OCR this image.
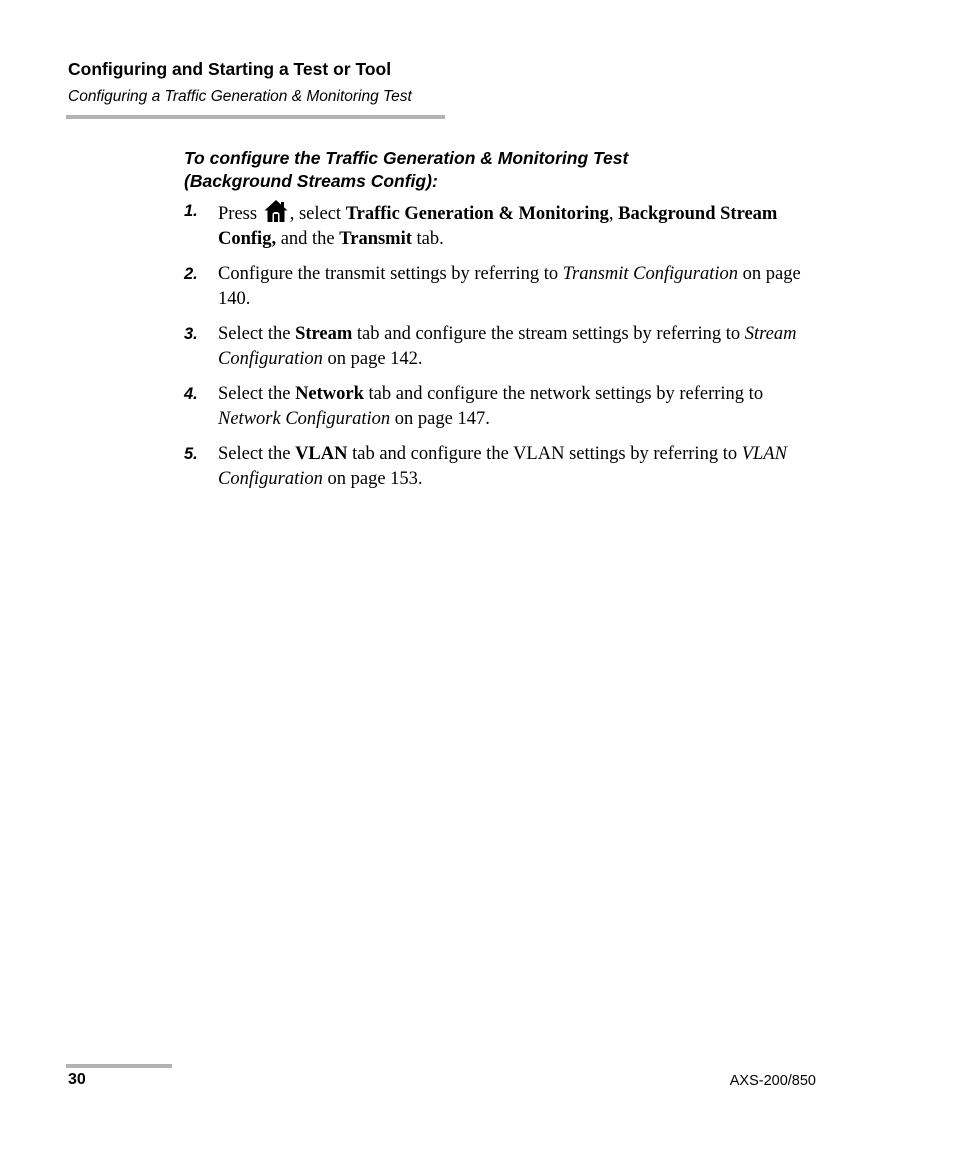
Configuring and Starting a Test or Tool
Configuring a Traffic Generation & Monitoring Test
To configure the Traffic Generation & Monitoring Test
(Background Streams Config):
1. Press , select Traffic Generation & Monitoring, Background Stream Config, and the Transmit tab.
2. Configure the transmit settings by referring to Transmit Configuration on page 140.
3. Select the Stream tab and configure the stream settings by referring to Stream Configuration on page 142.
4. Select the Network tab and configure the network settings by referring to Network Configuration on page 147.
5. Select the VLAN tab and configure the VLAN settings by referring to VLAN Configuration on page 153.
30	AXS-200/850
